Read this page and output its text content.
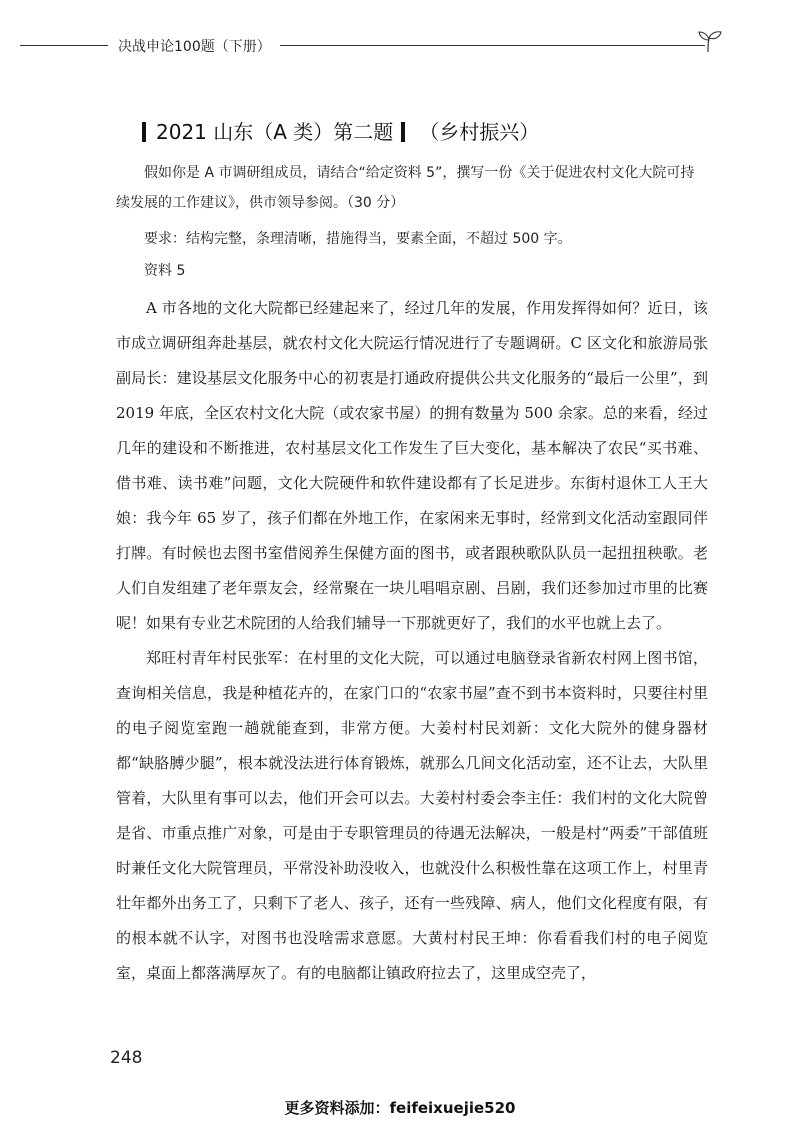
决战申论100题（下册）
2021 山东（A 类）第二题 （乡村振兴）

假如你是 A 市调研组成员，请结合“给定资料 5”，撰写一份《关于促进农村文化大院可持续发展的工作建议》，供市领导参阅。（30 分）

要求：结构完整，条理清晰，措施得当，要素全面，不超过 500 字。

资料 5

A 市各地的文化大院都已经建起来了，经过几年的发展，作用发挥得如何？近日，该市成立调研组奔赴基层，就农村文化大院运行情况进行了专题调研。C 区文化和旅游局张副局长：建设基层文化服务中心的初衷是打通政府提供公共文化服务的“最后一公里”，到 2019 年底，全区农村文化大院（或农家书屋）的拥有数量为 500 余家。总的来看，经过几年的建设和不断推进，农村基层文化工作发生了巨大变化，基本解决了农民“买书难、借书难、读书难”问题，文化大院硬件和软件建设都有了长足进步。东街村退休工人王大娘：我今年 65 岁了，孩子们都在外地工作，在家闲来无事时，经常到文化活动室跟同伴打牌。有时候也去图书室借阅养生保健方面的图书，或者跟秧歌队队员一起扭扭秧歌。老人们自发组建了老年票友会，经常聚在一块儿唱唱京剧、吕剧，我们还参加过市里的比赛呢！如果有专业艺术院团的人给我们辅导一下那就更好了，我们的水平也就上去了。

郑旺村青年村民张军：在村里的文化大院，可以通过电脑登录省新农村网上图书馆，查询相关信息，我是种植花卉的，在家门口的“农家书屋”查不到书本资料时，只要往村里的电子阅览室跑一趟就能查到，非常方便。大姜村村民刘新：文化大院外的健身器材都“缺胳膊少腿”，根本就没法进行体育锻炼，就那么几间文化活动室，还不让去，大队里管着，大队里有事可以去，他们开会可以去。大姜村村委会李主任：我们村的文化大院曾是省、市重点推广对象，可是由于专职管理员的待遇无法解决，一般是村“两委”干部值班时兼任文化大院管理员，平常没补助没收入，也就没什么积极性靠在这项工作上，村里青壮年都外出务工了，只剩下了老人、孩子，还有一些残障、病人，他们文化程度有限，有的根本就不认字，对图书也没啥需求意愿。大黄村村民王坤：你看看我们村的电子阅览室，桌面上都落满厚灰了。有的电脑都让镇政府拉去了，这里成空壳了，

248
更多资料添加：feifeixuejie520
